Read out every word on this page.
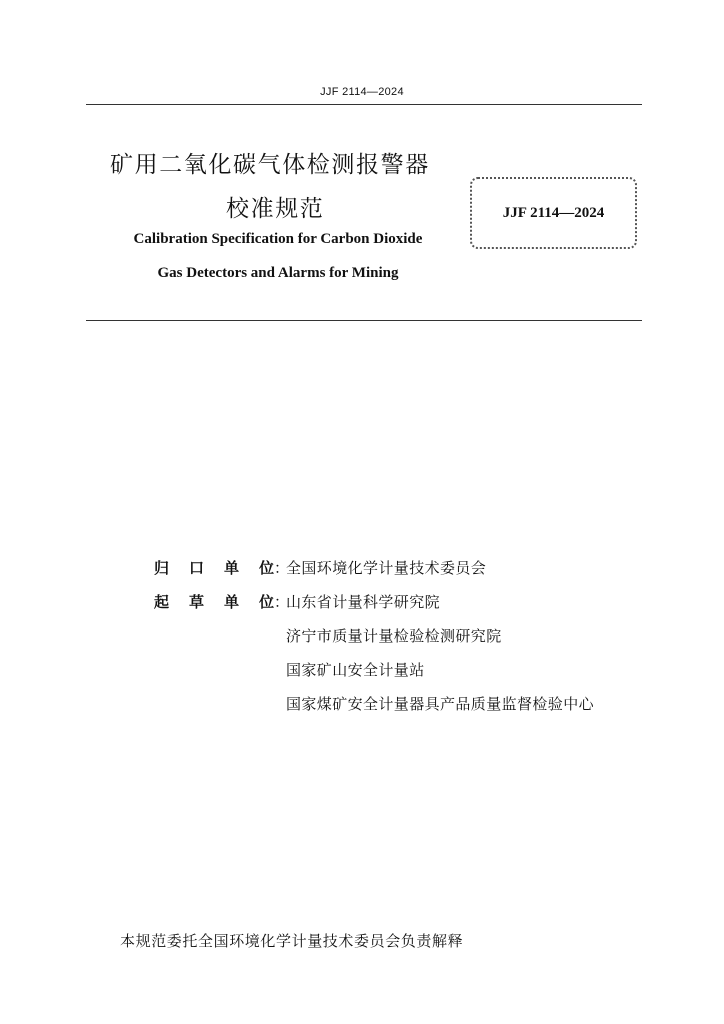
JJF 2114—2024
矿用二氧化碳气体检测报警器
校准规范
Calibration Specification for Carbon Dioxide
Gas Detectors and Alarms for Mining
JJF 2114—2024
归 口 单 位 ：
全国环境化学计量技术委员会
起 草 单 位 ：
山东省计量科学研究院
济宁市质量计量检验检测研究院
国家矿山安全计量站
国家煤矿安全计量器具产品质量监督检验中心
本规范委托全国环境化学计量技术委员会负责解释
